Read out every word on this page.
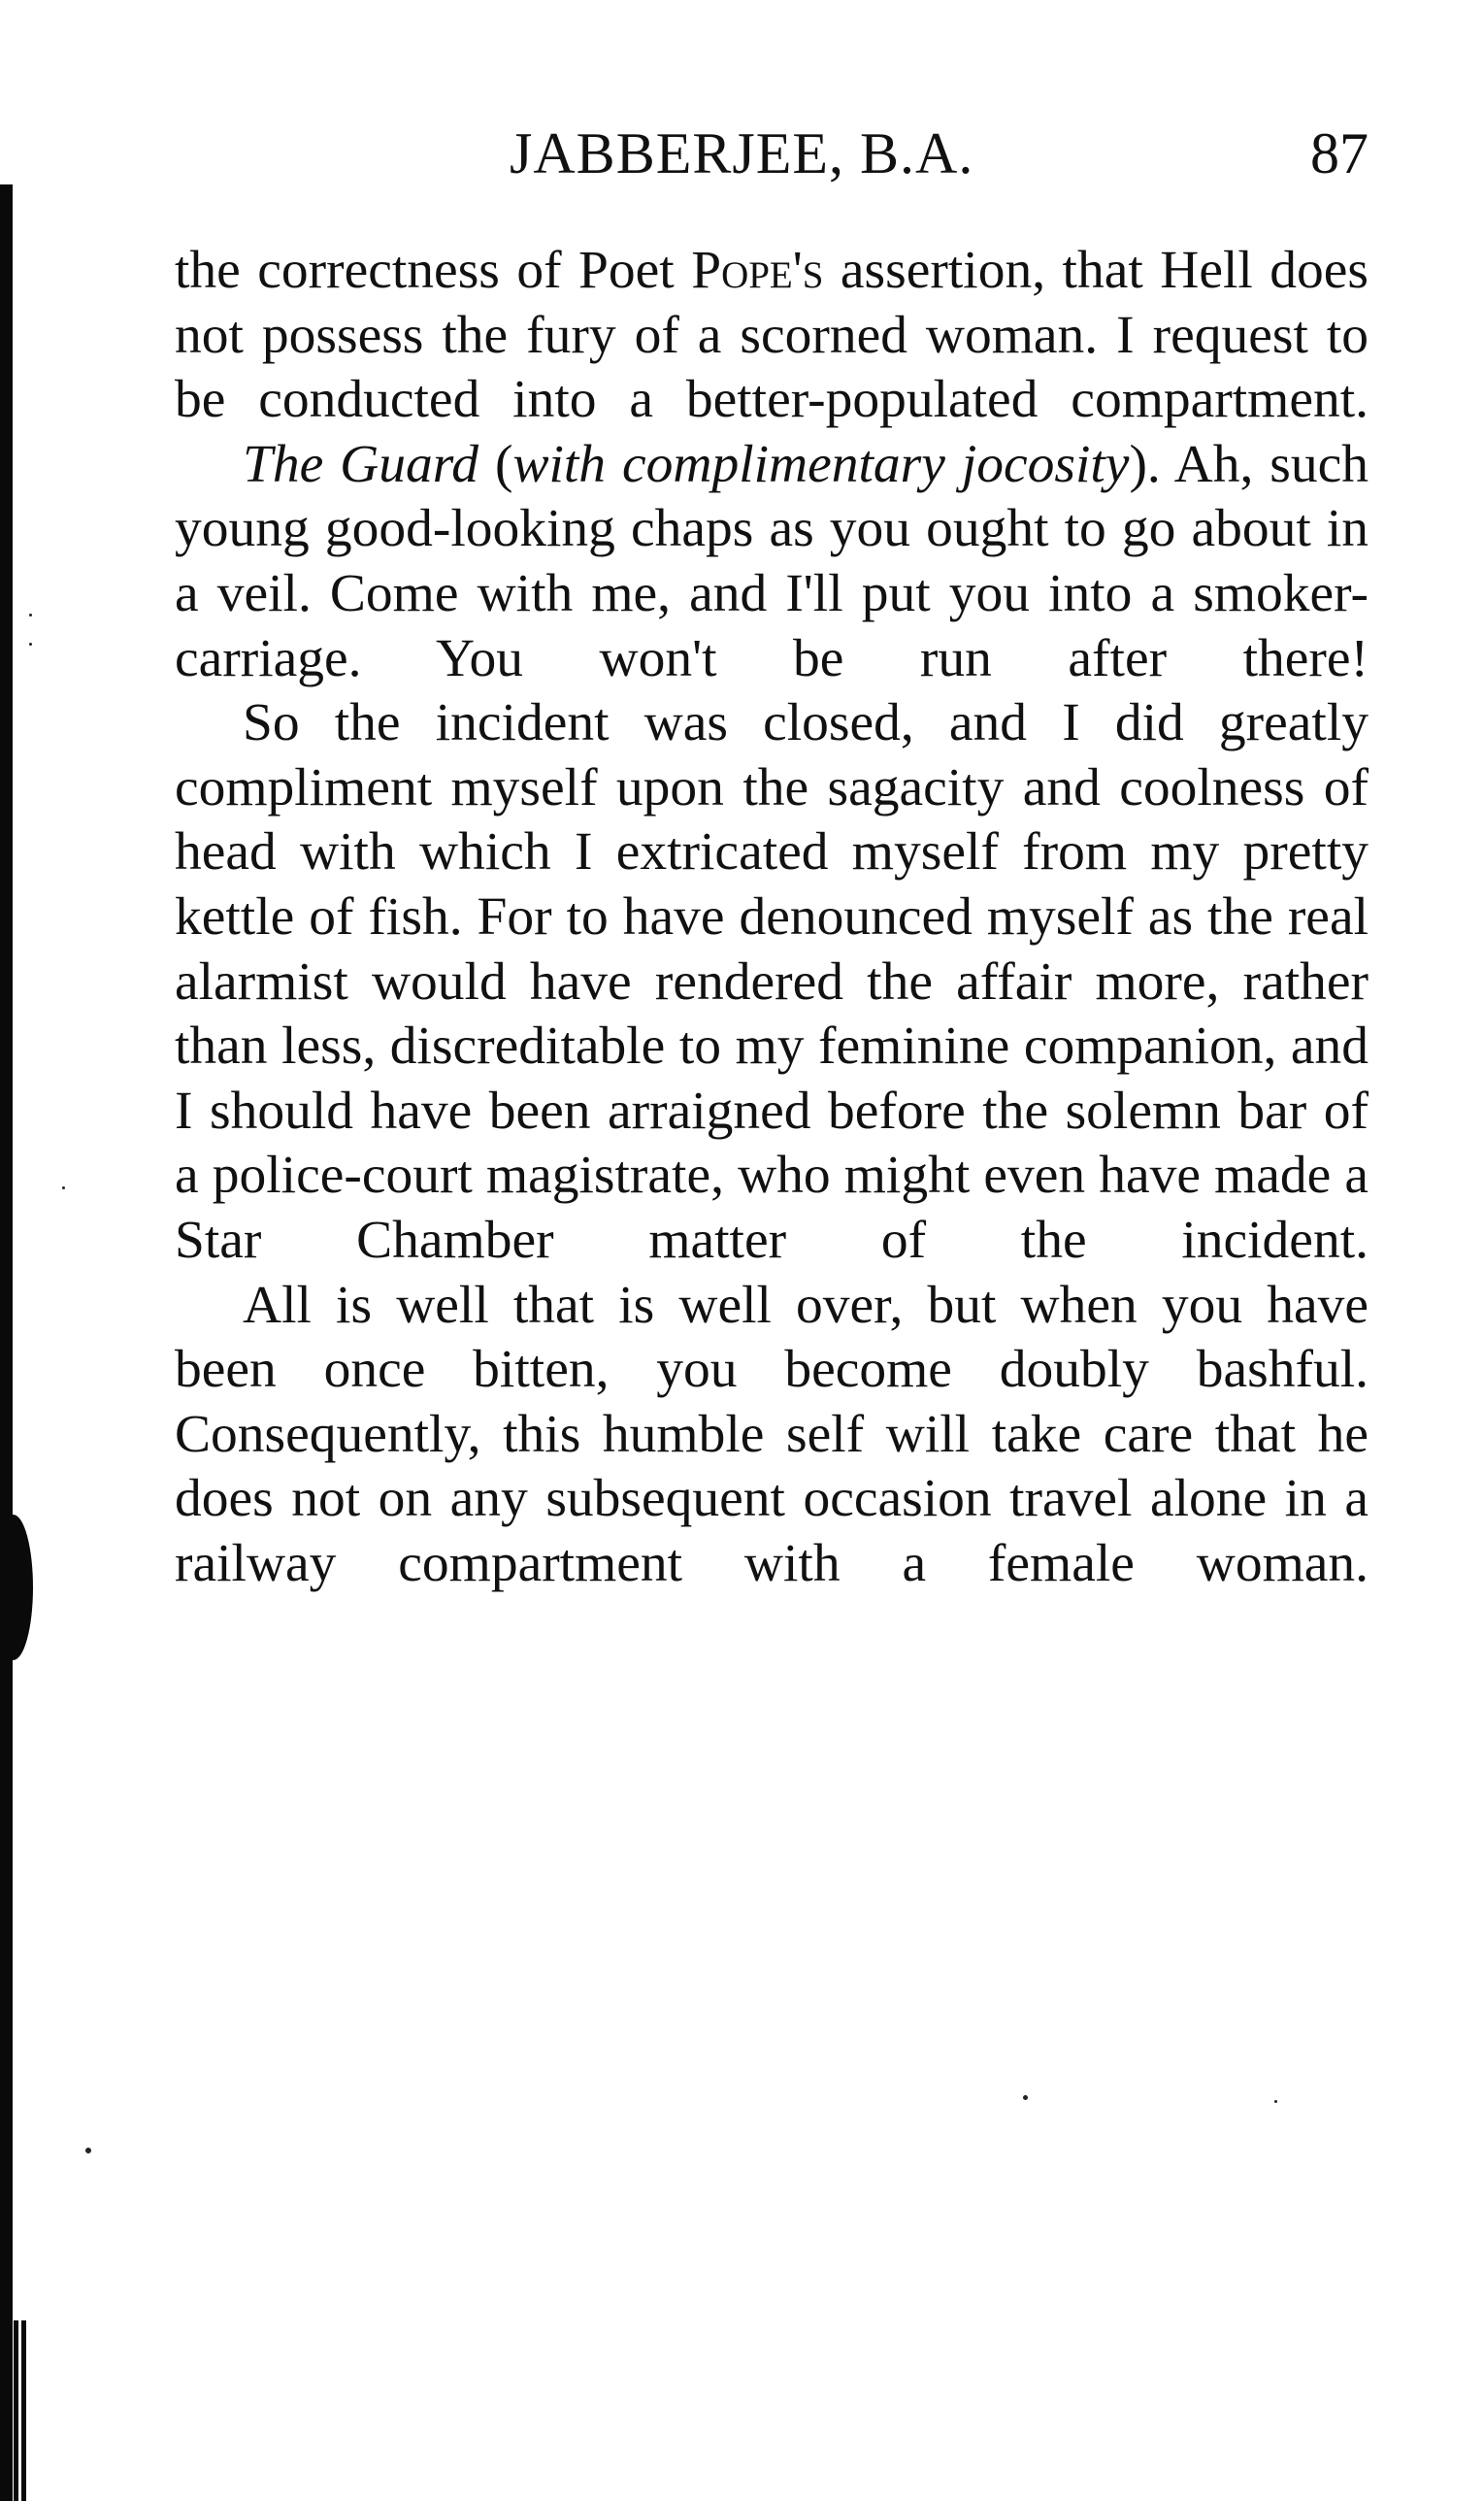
JABBERJEE, B.A.	87

the correctness of Poet Pope's assertion, that Hell does not possess the fury of a scorned woman. I request to be conducted into a better-populated compartment.

The Guard (with complimentary jocosity). Ah, such young good-looking chaps as you ought to go about in a veil. Come with me, and I'll put you into a smoker-carriage. You won't be run after there!

So the incident was closed, and I did greatly compliment myself upon the sagacity and coolness of head with which I extricated myself from my pretty kettle of fish. For to have denounced myself as the real alarmist would have rendered the affair more, rather than less, discreditable to my feminine companion, and I should have been arraigned before the solemn bar of a police-court magistrate, who might even have made a Star Chamber matter of the incident.

All is well that is well over, but when you have been once bitten, you become doubly bashful. Consequently, this humble self will take care that he does not on any subsequent occasion travel alone in a railway compartment with a female woman.
